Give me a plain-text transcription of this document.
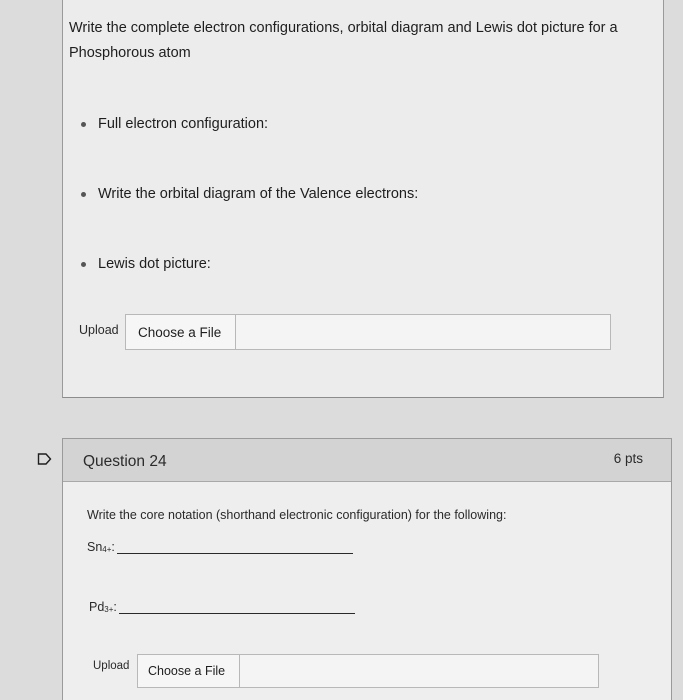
Write the complete electron configurations, orbital diagram and Lewis dot picture for a Phosphorous atom
Full electron configuration:
Write the orbital diagram of the Valence electrons:
Lewis dot picture:
Upload	Choose a File
Question 24	6 pts
Write the core notation (shorthand electronic configuration) for the following:
$Sn_{4+}$ :
$Pd_{3+}$ :
Upload	Choose a File
